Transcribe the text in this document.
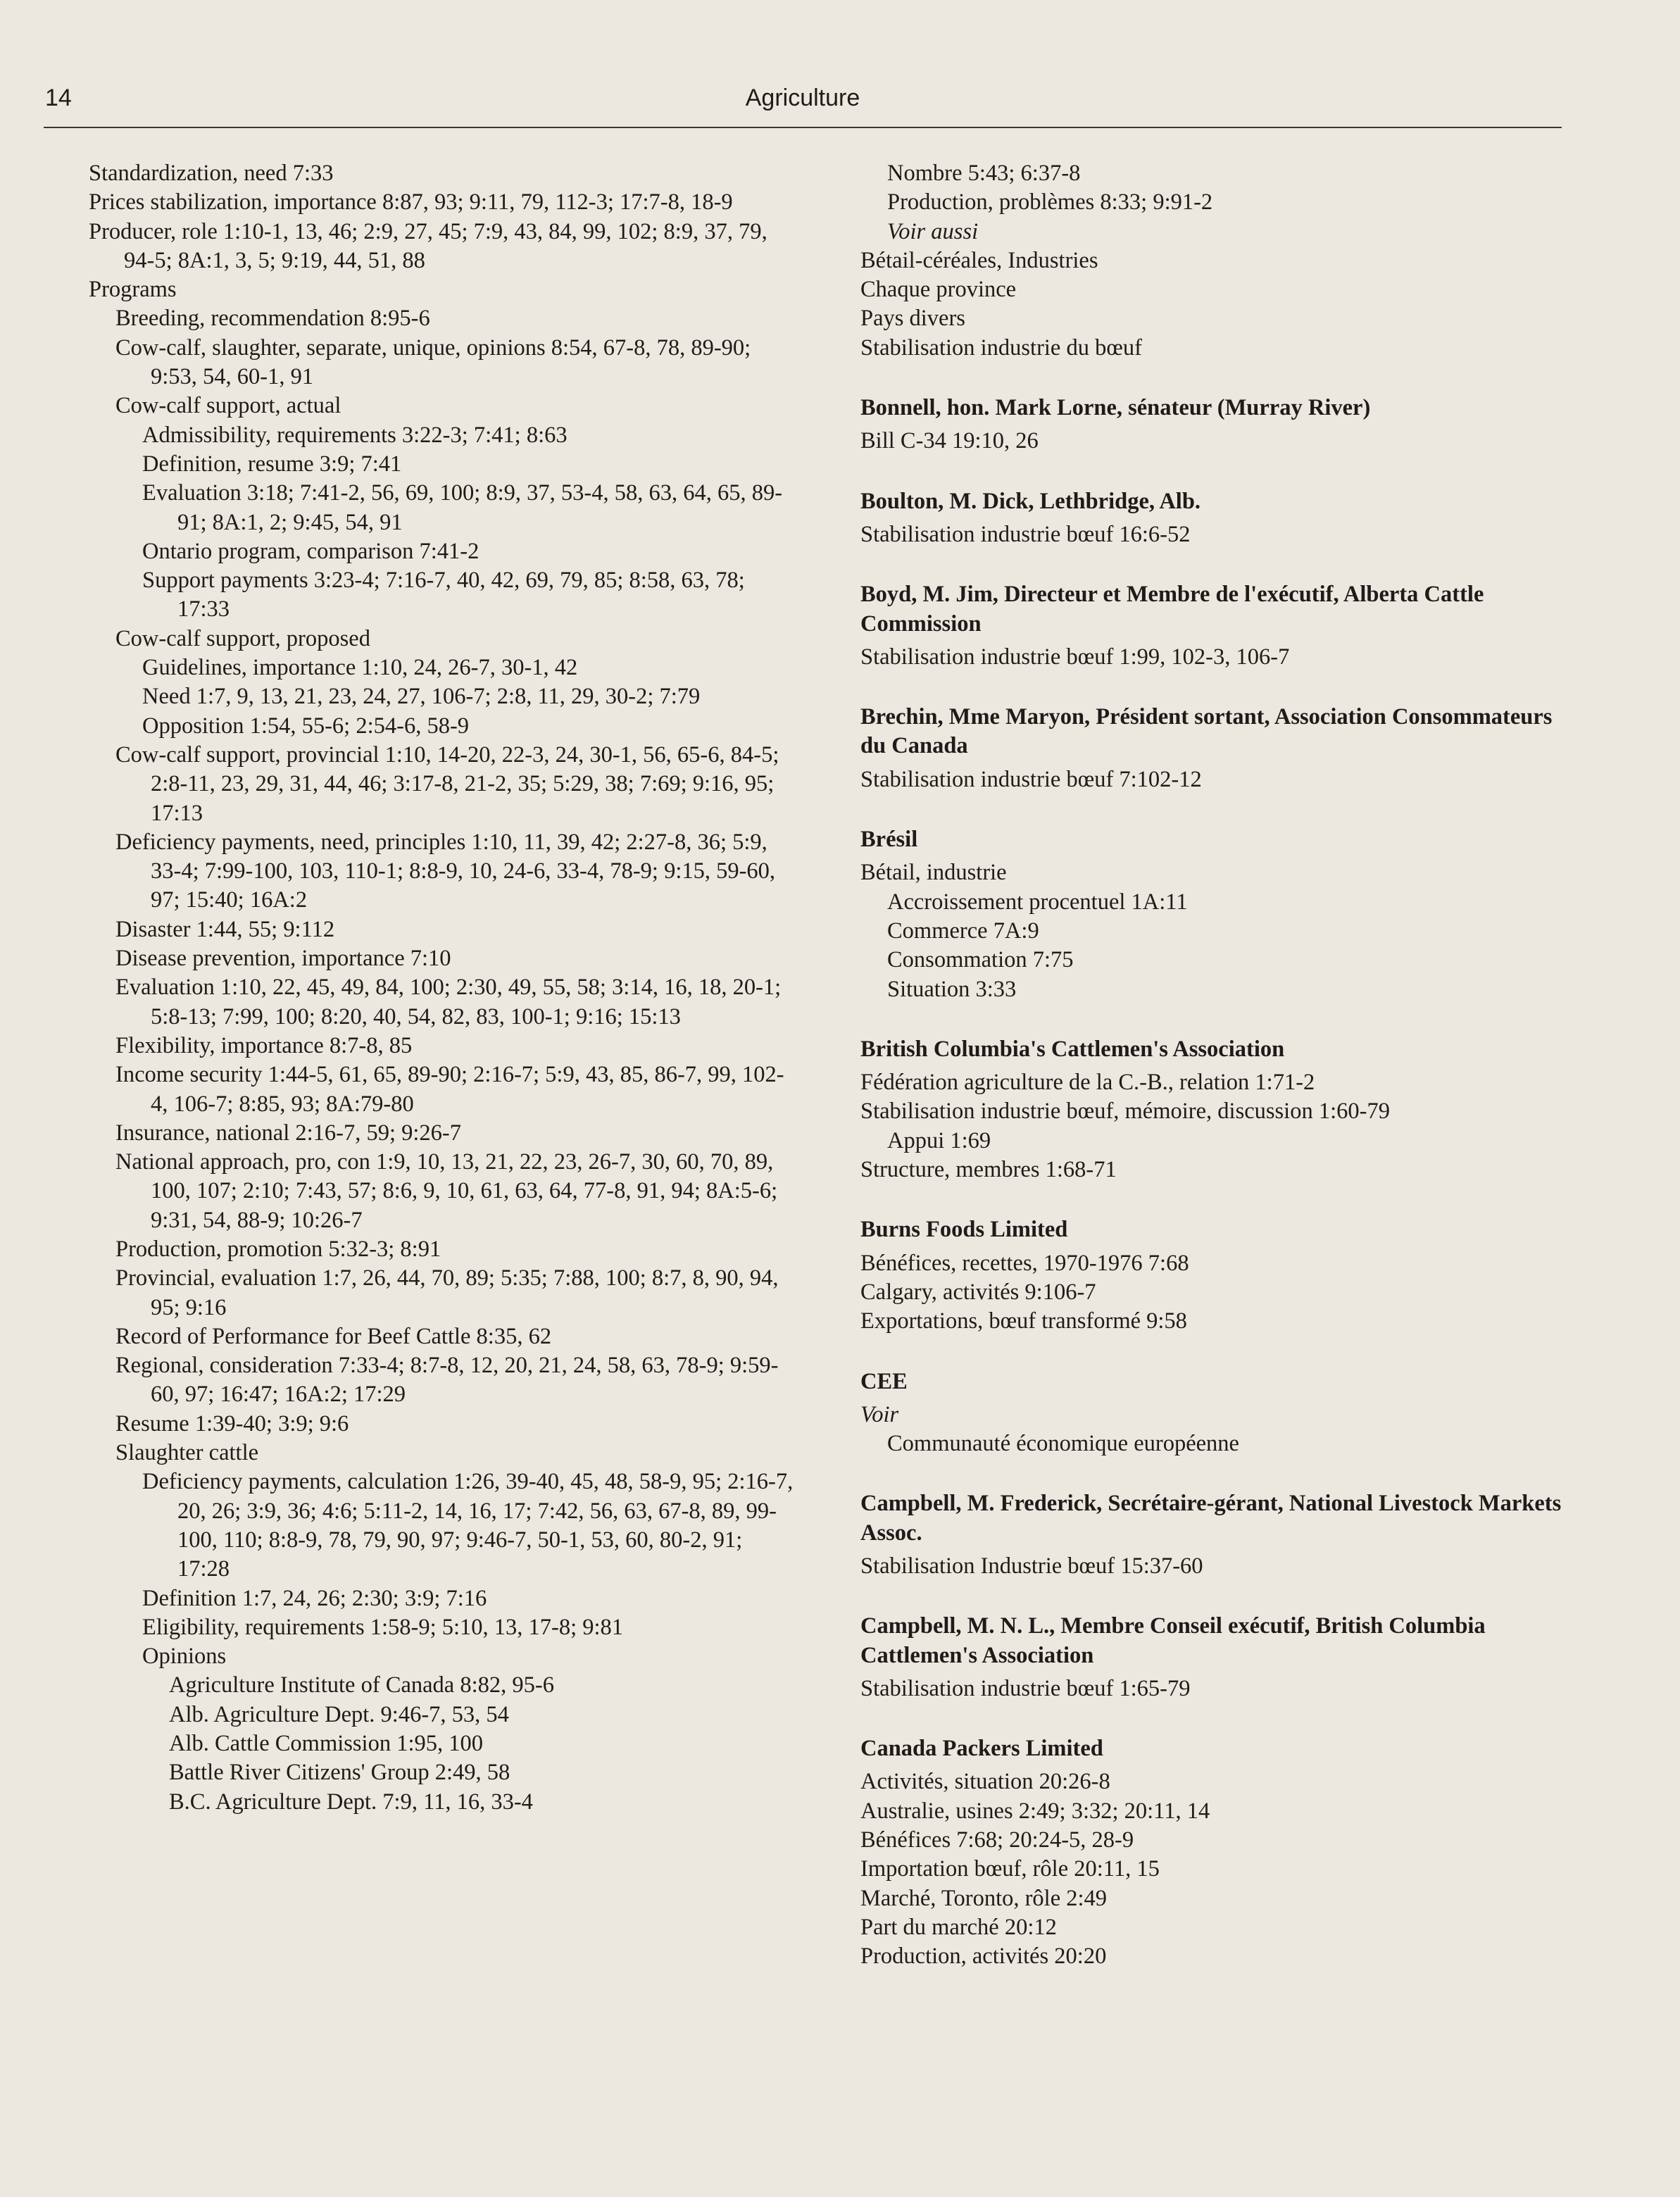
14	Agriculture
Standardization, need 7:33
Prices stabilization, importance 8:87, 93; 9:11, 79, 112-3; 17:7-8, 18-9
Producer, role 1:10-1, 13, 46; 2:9, 27, 45; 7:9, 43, 84, 99, 102; 8:9, 37, 79, 94-5; 8A:1, 3, 5; 9:19, 44, 51, 88
Programs
Breeding, recommendation 8:95-6
Cow-calf, slaughter, separate, unique, opinions 8:54, 67-8, 78, 89-90; 9:53, 54, 60-1, 91
Cow-calf support, actual
Admissibility, requirements 3:22-3; 7:41; 8:63
Definition, resume 3:9; 7:41
Evaluation 3:18; 7:41-2, 56, 69, 100; 8:9, 37, 53-4, 58, 63, 64, 65, 89-91; 8A:1, 2; 9:45, 54, 91
Ontario program, comparison 7:41-2
Support payments 3:23-4; 7:16-7, 40, 42, 69, 79, 85; 8:58, 63, 78; 17:33
Cow-calf support, proposed
Guidelines, importance 1:10, 24, 26-7, 30-1, 42
Need 1:7, 9, 13, 21, 23, 24, 27, 106-7; 2:8, 11, 29, 30-2; 7:79
Opposition 1:54, 55-6; 2:54-6, 58-9
Cow-calf support, provincial 1:10, 14-20, 22-3, 24, 30-1, 56, 65-6, 84-5; 2:8-11, 23, 29, 31, 44, 46; 3:17-8, 21-2, 35; 5:29, 38; 7:69; 9:16, 95; 17:13
Deficiency payments, need, principles 1:10, 11, 39, 42; 2:27-8, 36; 5:9, 33-4; 7:99-100, 103, 110-1; 8:8-9, 10, 24-6, 33-4, 78-9; 9:15, 59-60, 97; 15:40; 16A:2
Disaster 1:44, 55; 9:112
Disease prevention, importance 7:10
Evaluation 1:10, 22, 45, 49, 84, 100; 2:30, 49, 55, 58; 3:14, 16, 18, 20-1; 5:8-13; 7:99, 100; 8:20, 40, 54, 82, 83, 100-1; 9:16; 15:13
Flexibility, importance 8:7-8, 85
Income security 1:44-5, 61, 65, 89-90; 2:16-7; 5:9, 43, 85, 86-7, 99, 102-4, 106-7; 8:85, 93; 8A:79-80
Insurance, national 2:16-7, 59; 9:26-7
National approach, pro, con 1:9, 10, 13, 21, 22, 23, 26-7, 30, 60, 70, 89, 100, 107; 2:10; 7:43, 57; 8:6, 9, 10, 61, 63, 64, 77-8, 91, 94; 8A:5-6; 9:31, 54, 88-9; 10:26-7
Production, promotion 5:32-3; 8:91
Provincial, evaluation 1:7, 26, 44, 70, 89; 5:35; 7:88, 100; 8:7, 8, 90, 94, 95; 9:16
Record of Performance for Beef Cattle 8:35, 62
Regional, consideration 7:33-4; 8:7-8, 12, 20, 21, 24, 58, 63, 78-9; 9:59-60, 97; 16:47; 16A:2; 17:29
Resume 1:39-40; 3:9; 9:6
Slaughter cattle
Deficiency payments, calculation 1:26, 39-40, 45, 48, 58-9, 95; 2:16-7, 20, 26; 3:9, 36; 4:6; 5:11-2, 14, 16, 17; 7:42, 56, 63, 67-8, 89, 99-100, 110; 8:8-9, 78, 79, 90, 97; 9:46-7, 50-1, 53, 60, 80-2, 91; 17:28
Definition 1:7, 24, 26; 2:30; 3:9; 7:16
Eligibility, requirements 1:58-9; 5:10, 13, 17-8; 9:81
Opinions
Agriculture Institute of Canada 8:82, 95-6
Alb. Agriculture Dept. 9:46-7, 53, 54
Alb. Cattle Commission 1:95, 100
Battle River Citizens' Group 2:49, 58
B.C. Agriculture Dept. 7:9, 11, 16, 33-4
Nombre 5:43; 6:37-8
Production, problèmes 8:33; 9:91-2
Voir aussi
Bétail-céréales, Industries
Chaque province
Pays divers
Stabilisation industrie du bœuf
Bonnell, hon. Mark Lorne, sénateur (Murray River)
Bill C-34 19:10, 26
Boulton, M. Dick, Lethbridge, Alb.
Stabilisation industrie bœuf 16:6-52
Boyd, M. Jim, Directeur et Membre de l'exécutif, Alberta Cattle Commission
Stabilisation industrie bœuf 1:99, 102-3, 106-7
Brechin, Mme Maryon, Président sortant, Association Consommateurs du Canada
Stabilisation industrie bœuf 7:102-12
Brésil
Bétail, industrie
Accroissement procentuel 1A:11
Commerce 7A:9
Consommation 7:75
Situation 3:33
British Columbia's Cattlemen's Association
Fédération agriculture de la C.-B., relation 1:71-2
Stabilisation industrie bœuf, mémoire, discussion 1:60-79
Appui 1:69
Structure, membres 1:68-71
Burns Foods Limited
Bénéfices, recettes, 1970-1976 7:68
Calgary, activités 9:106-7
Exportations, bœuf transformé 9:58
CEE
Voir
Communauté économique européenne
Campbell, M. Frederick, Secrétaire-gérant, National Livestock Markets Assoc.
Stabilisation Industrie bœuf 15:37-60
Campbell, M. N. L., Membre Conseil exécutif, British Columbia Cattlemen's Association
Stabilisation industrie bœuf 1:65-79
Canada Packers Limited
Activités, situation 20:26-8
Australie, usines 2:49; 3:32; 20:11, 14
Bénéfices 7:68; 20:24-5, 28-9
Importation bœuf, rôle 20:11, 15
Marché, Toronto, rôle 2:49
Part du marché 20:12
Production, activités 20:20
